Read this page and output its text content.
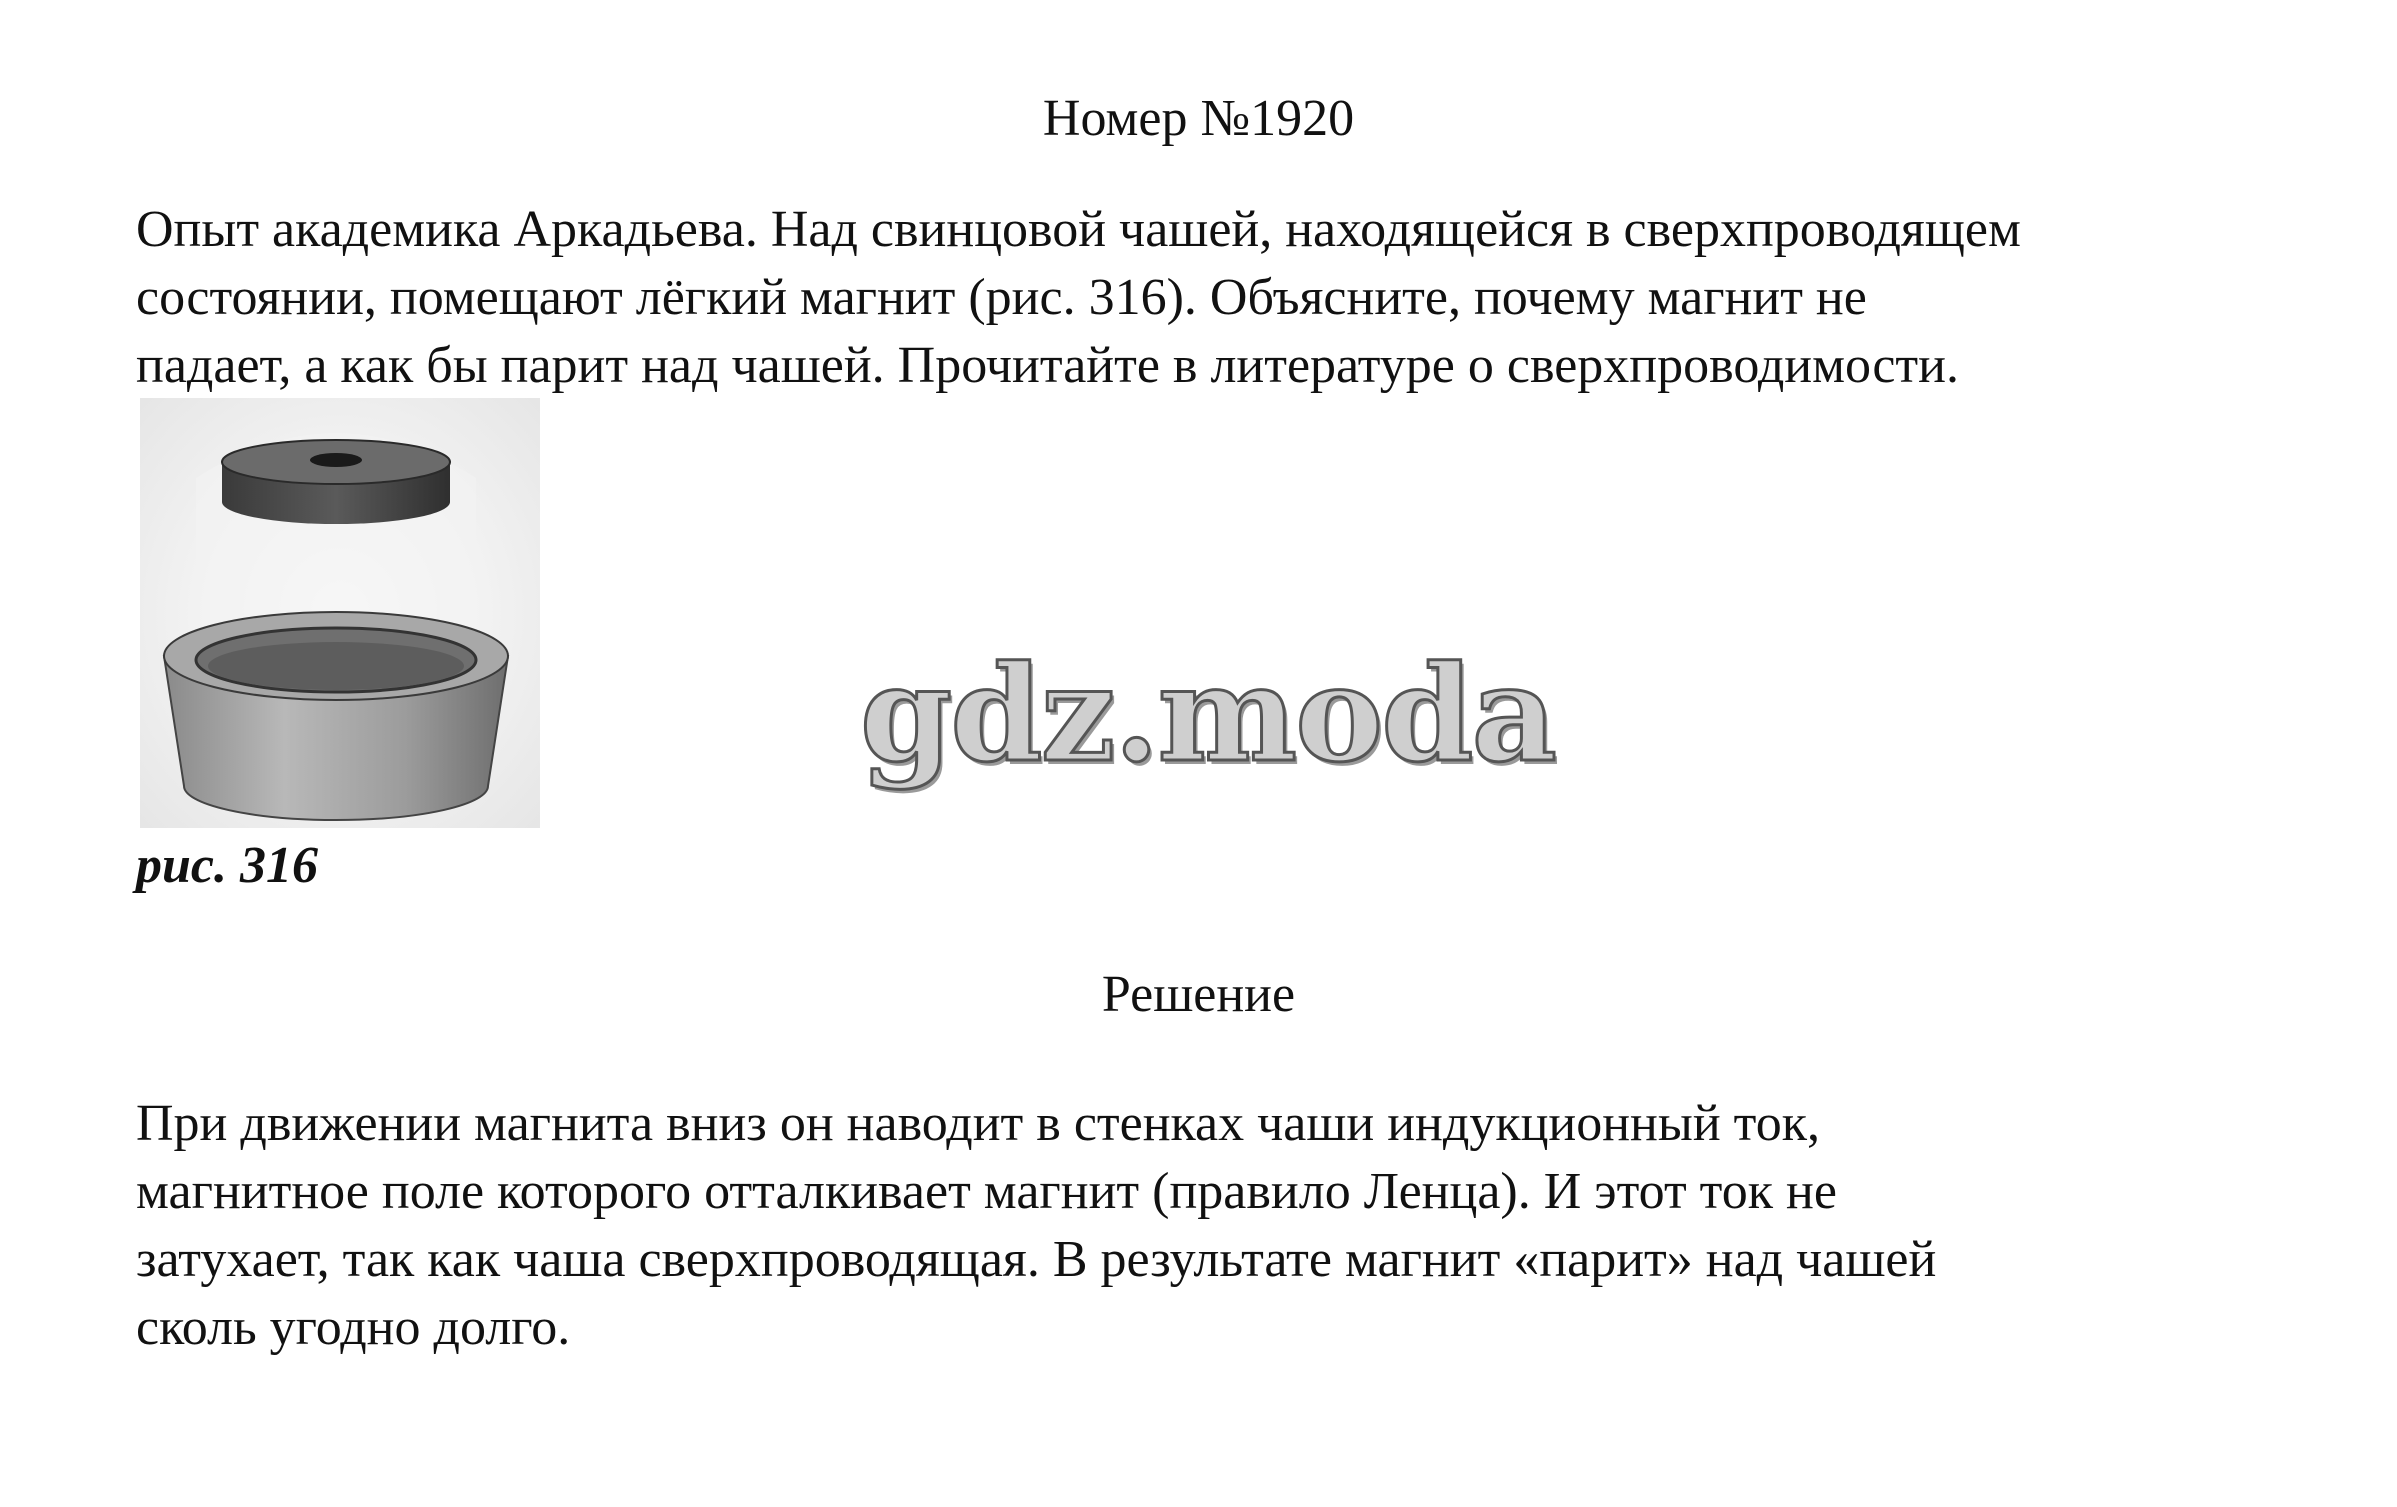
Номер №1920
Опыт академика Аркадьева. Над свинцовой чашей, находящейся в сверхпроводящем
состоянии, помещают лёгкий магнит (рис. 316). Объясните, почему магнит не
падает, а как бы парит над чашей. Прочитайте в литературе о сверхпроводимости.
рис. 316
gdz.moda
Решение
При движении магнита вниз он наводит в стенках чаши индукционный ток,
магнитное поле которого отталкивает магнит (правило Ленца). И этот ток не
затухает, так как чаша сверхпроводящая. В результате магнит «парит» над чашей
сколь угодно долго.
